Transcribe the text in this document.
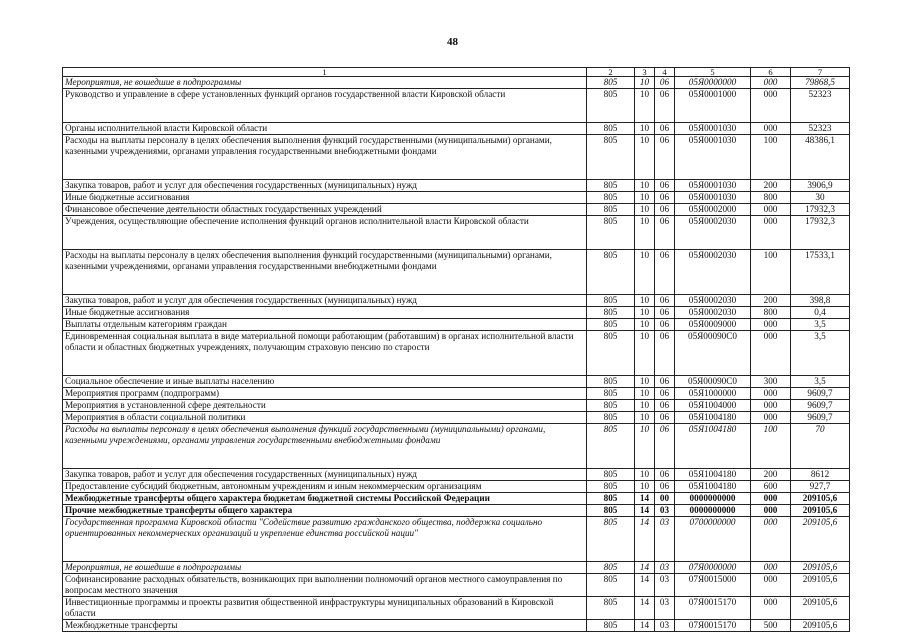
48
1	2	3	4	5	6	7
Мероприятия, не вошедшие в подпрограммы	805	10	06	05Я0000000	000	79868,5
Руководство и управление в сфере установленных функций органов государственной власти Кировской области	805	10	06	05Я0001000	000	52323
Органы исполнительной власти Кировской области	805	10	06	05Я0001030	000	52323
Расходы на выплаты персоналу в целях обеспечения выполнения функций государственными (муниципальными) органами, казенными учреждениями, органами управления государственными внебюджетными фондами	805	10	06	05Я0001030	100	48386,1
Закупка товаров, работ и услуг для обеспечения государственных (муниципальных) нужд	805	10	06	05Я0001030	200	3906,9
Иные бюджетные ассигнования	805	10	06	05Я0001030	800	30
Финансовое обеспечение деятельности областных государственных учреждений	805	10	06	05Я0002000	000	17932,3
Учреждения, осуществляющие обеспечение исполнения функций органов исполнительной власти Кировской области	805	10	06	05Я0002030	000	17932,3
Расходы на выплаты персоналу в целях обеспечения выполнения функций государственными (муниципальными) органами, казенными учреждениями, органами управления государственными внебюджетными фондами	805	10	06	05Я0002030	100	17533,1
Закупка товаров, работ и услуг для обеспечения государственных (муниципальных) нужд	805	10	06	05Я0002030	200	398,8
Иные бюджетные ассигнования	805	10	06	05Я0002030	800	0,4
Выплаты отдельным категориям граждан	805	10	06	05Я0009000	000	3,5
Единовременная социальная выплата в виде материальной помощи работающим (работавшим) в органах исполнительной власти области и областных бюджетных учреждениях, получающим страховую пенсию по старости	805	10	06	05Я00090С0	000	3,5
Социальное обеспечение и иные выплаты населению	805	10	06	05Я00090С0	300	3,5
Мероприятия программ (подпрограмм)	805	10	06	05Я1000000	000	9609,7
Мероприятия в установленной сфере деятельности	805	10	06	05Я1004000	000	9609,7
Мероприятия в области социальной политики	805	10	06	05Я1004180	000	9609,7
Расходы на выплаты персоналу в целях обеспечения выполнения функций государственными (муниципальными) органами, казенными учреждениями, органами управления государственными внебюджетными фондами	805	10	06	05Я1004180	100	70
Закупка товаров, работ и услуг для обеспечения государственных (муниципальных) нужд	805	10	06	05Я1004180	200	8612
Предоставление субсидий бюджетным, автономным учреждениям и иным некоммерческим организациям	805	10	06	05Я1004180	600	927,7
Межбюджетные трансферты общего характера бюджетам бюджетной системы Российской Федерации	805	14	00	0000000000	000	209105,6
Прочие межбюджетные трансферты общего характера	805	14	03	0000000000	000	209105,6
Государственная программа Кировской области "Содействие развитию гражданского общества, поддержка социально ориентированных некоммерческих организаций и укрепление единства российской нации"	805	14	03	0700000000	000	209105,6
Мероприятия, не вошедшие в подпрограммы	805	14	03	07Я0000000	000	209105,6
Софинансирование расходных обязательств, возникающих при выполнении полномочий органов местного самоуправления по вопросам местного значения	805	14	03	07Я0015000	000	209105,6
Инвестиционные программы и проекты развития общественной инфраструктуры муниципальных образований в Кировской области	805	14	03	07Я0015170	000	209105,6
Межбюджетные трансферты	805	14	03	07Я0015170	500	209105,6
